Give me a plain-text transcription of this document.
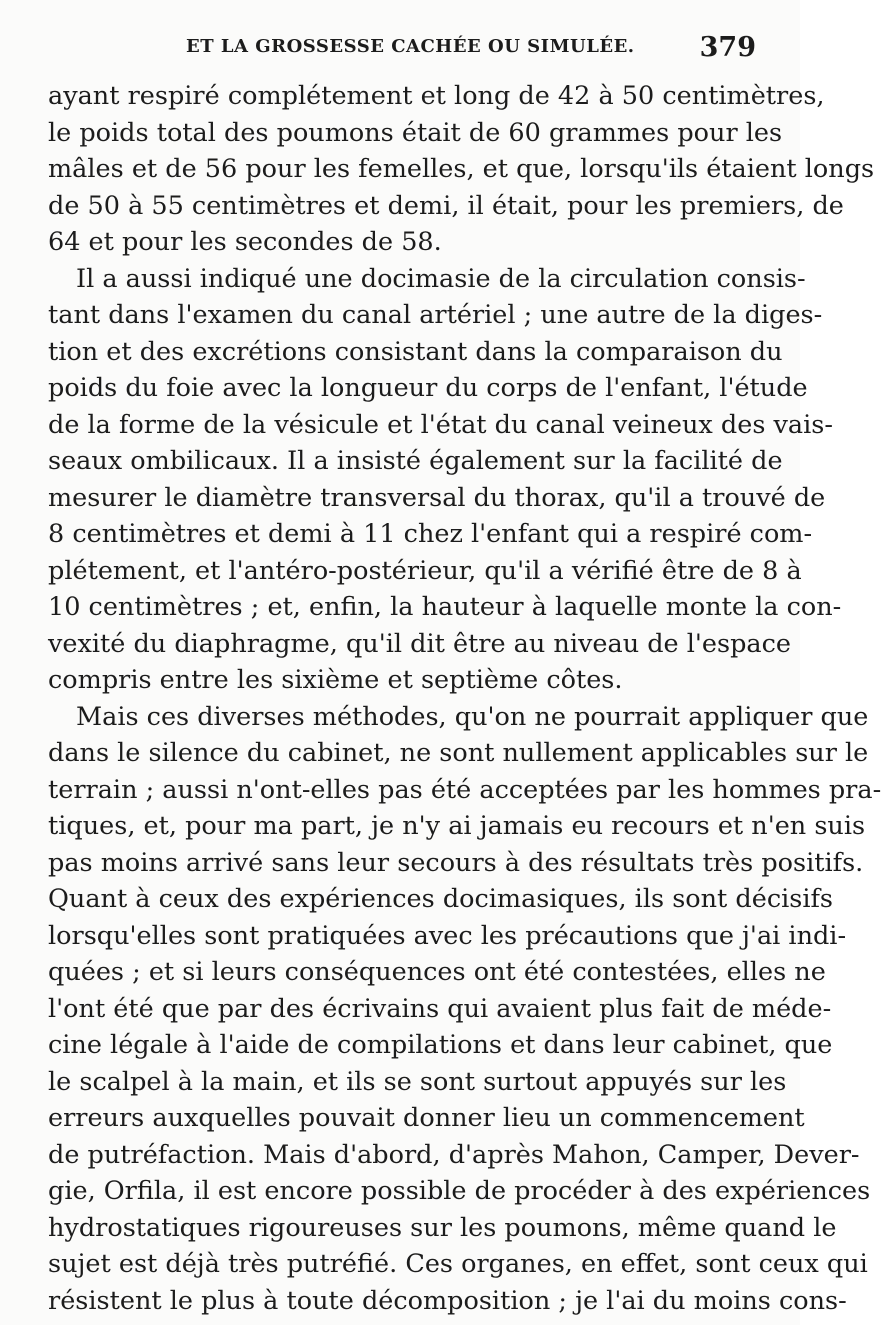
ET LA GROSSESSE CACHÉE OU SIMULÉE. 379
ayant respiré complétement et long de 42 à 50 centimètres,
le poids total des poumons était de 60 grammes pour les
mâles et de 56 pour les femelles, et que, lorsqu'ils étaient longs
de 50 à 55 centimètres et demi, il était, pour les premiers, de
64 et pour les secondes de 58.
Il a aussi indiqué une docimasie de la circulation consis-
tant dans l'examen du canal artériel ; une autre de la diges-
tion et des excrétions consistant dans la comparaison du
poids du foie avec la longueur du corps de l'enfant, l'étude
de la forme de la vésicule et l'état du canal veineux des vais-
seaux ombilicaux. Il a insisté également sur la facilité de
mesurer le diamètre transversal du thorax, qu'il a trouvé de
8 centimètres et demi à 11 chez l'enfant qui a respiré com-
plétement, et l'antéro-postérieur, qu'il a vérifié être de 8 à
10 centimètres ; et, enfin, la hauteur à laquelle monte la con-
vexité du diaphragme, qu'il dit être au niveau de l'espace
compris entre les sixième et septième côtes.
Mais ces diverses méthodes, qu'on ne pourrait appliquer que
dans le silence du cabinet, ne sont nullement applicables sur le
terrain ; aussi n'ont-elles pas été acceptées par les hommes pra-
tiques, et, pour ma part, je n'y ai jamais eu recours et n'en suis
pas moins arrivé sans leur secours à des résultats très positifs.
Quant à ceux des expériences docimasiques, ils sont décisifs
lorsqu'elles sont pratiquées avec les précautions que j'ai indi-
quées ; et si leurs conséquences ont été contestées, elles ne
l'ont été que par des écrivains qui avaient plus fait de méde-
cine légale à l'aide de compilations et dans leur cabinet, que
le scalpel à la main, et ils se sont surtout appuyés sur les
erreurs auxquelles pouvait donner lieu un commencement
de putréfaction. Mais d'abord, d'après Mahon, Camper, Dever-
gie, Orfila, il est encore possible de procéder à des expériences
hydrostatiques rigoureuses sur les poumons, même quand le
sujet est déjà très putréfié. Ces organes, en effet, sont ceux qui
résistent le plus à toute décomposition ; je l'ai du moins cons-
